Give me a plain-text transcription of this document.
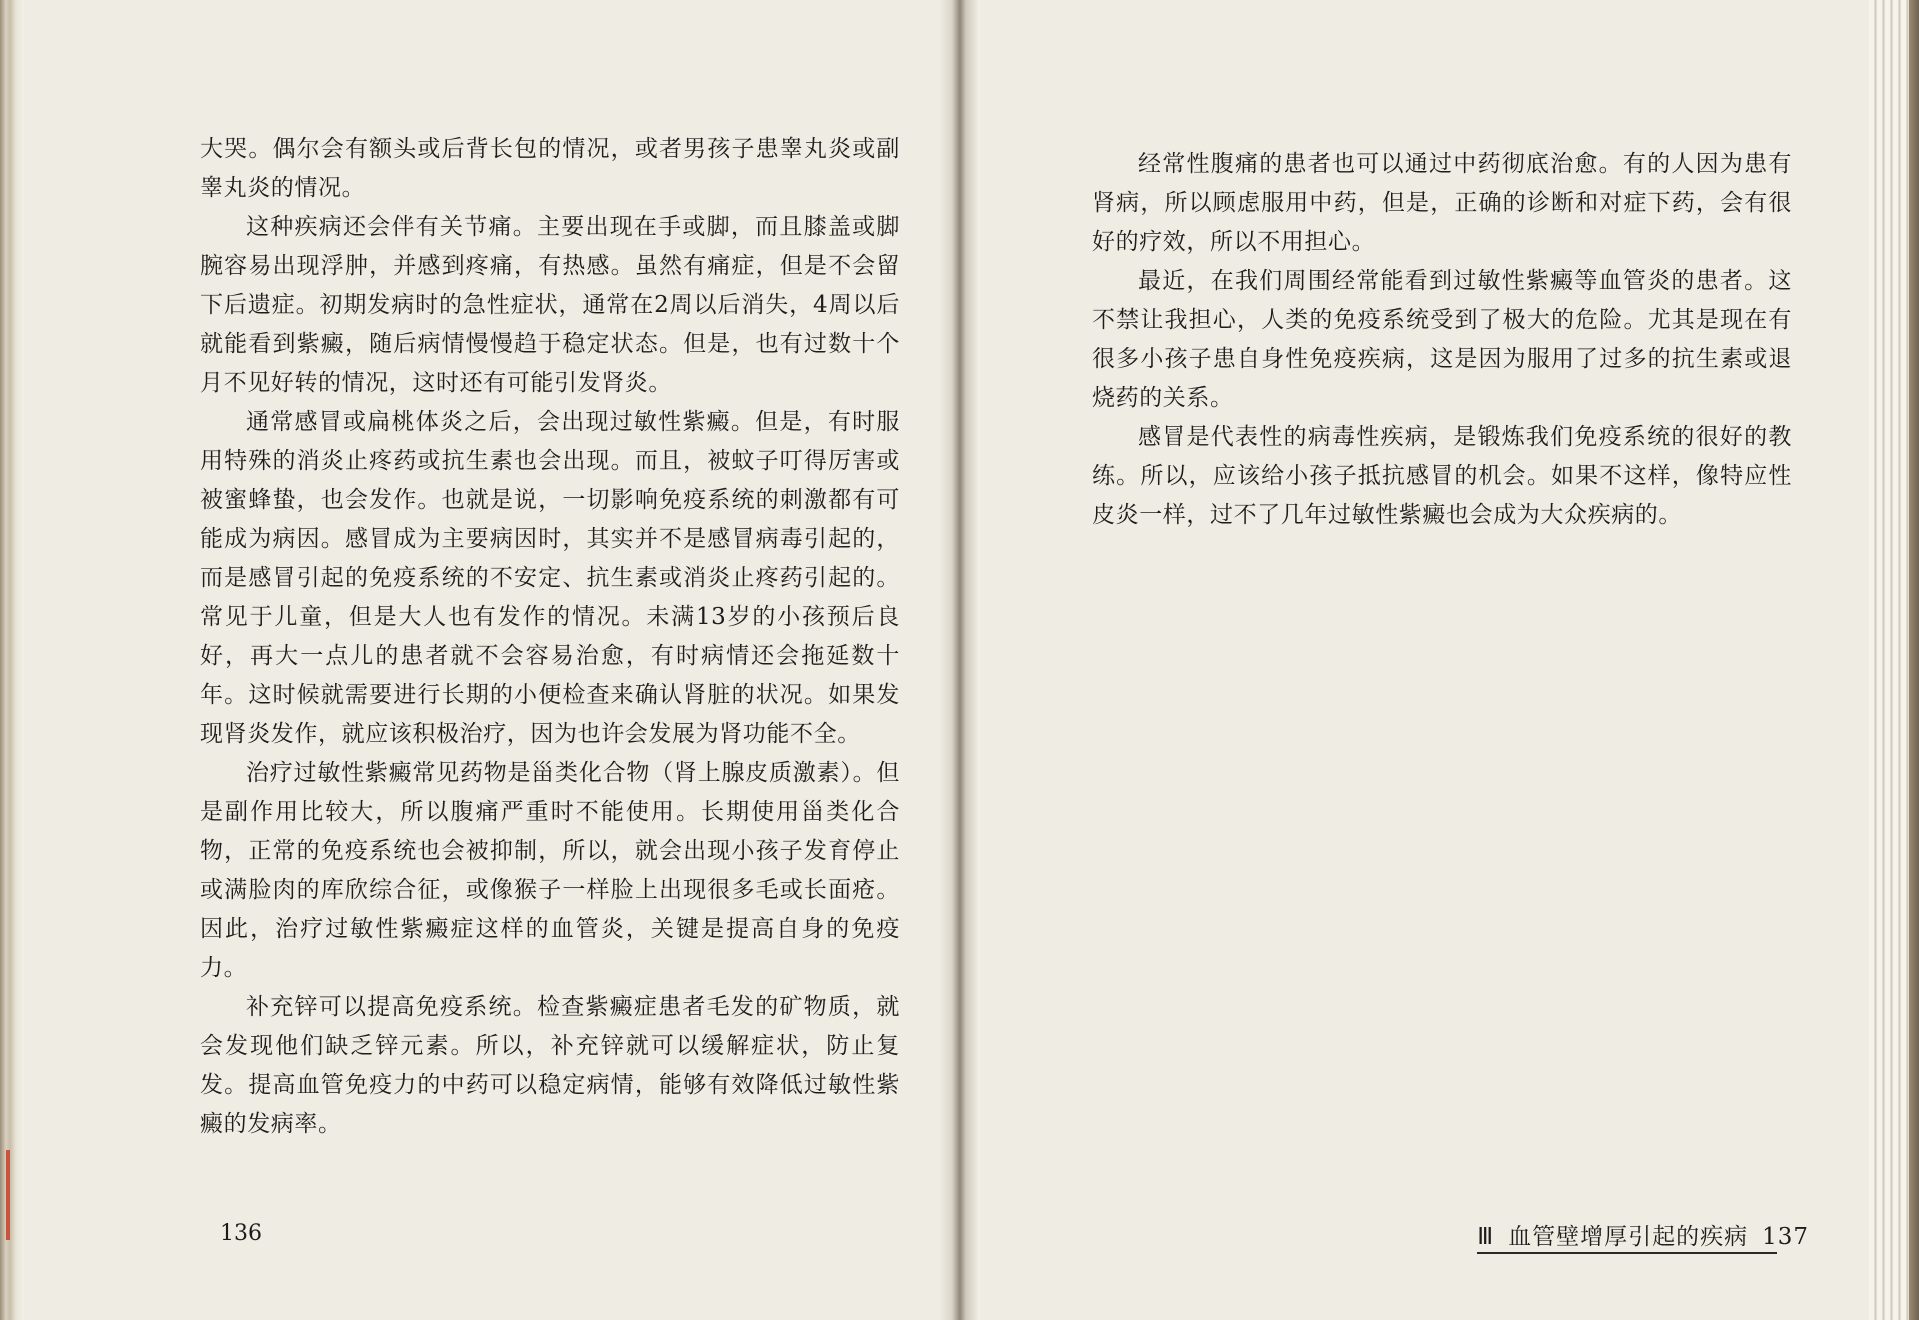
大哭。偶尔会有额头或后背长包的情况，或者男孩子患睾丸炎或副睾丸炎的情况。

这种疾病还会伴有关节痛。主要出现在手或脚，而且膝盖或脚腕容易出现浮肿，并感到疼痛，有热感。虽然有痛症，但是不会留下后遗症。初期发病时的急性症状，通常在2周以后消失，4周以后就能看到紫癜，随后病情慢慢趋于稳定状态。但是，也有过数十个月不见好转的情况，这时还有可能引发肾炎。

通常感冒或扁桃体炎之后，会出现过敏性紫癜。但是，有时服用特殊的消炎止疼药或抗生素也会出现。而且，被蚊子叮得厉害或被蜜蜂蛰，也会发作。也就是说，一切影响免疫系统的刺激都有可能成为病因。感冒成为主要病因时，其实并不是感冒病毒引起的，而是感冒引起的免疫系统的不安定、抗生素或消炎止疼药引起的。常见于儿童，但是大人也有发作的情况。未满13岁的小孩预后良好，再大一点儿的患者就不会容易治愈，有时病情还会拖延数十年。这时候就需要进行长期的小便检查来确认肾脏的状况。如果发现肾炎发作，就应该积极治疗，因为也许会发展为肾功能不全。

治疗过敏性紫癜常见药物是甾类化合物（肾上腺皮质激素）。但是副作用比较大，所以腹痛严重时不能使用。长期使用甾类化合物，正常的免疫系统也会被抑制，所以，就会出现小孩子发育停止或满脸肉的库欣综合征，或像猴子一样脸上出现很多毛或长面疮。因此，治疗过敏性紫癜症这样的血管炎，关键是提高自身的免疫力。

补充锌可以提高免疫系统。检查紫癜症患者毛发的矿物质，就会发现他们缺乏锌元素。所以，补充锌就可以缓解症状，防止复发。提高血管免疫力的中药可以稳定病情，能够有效降低过敏性紫癜的发病率。

136

经常性腹痛的患者也可以通过中药彻底治愈。有的人因为患有肾病，所以顾虑服用中药，但是，正确的诊断和对症下药，会有很好的疗效，所以不用担心。

最近，在我们周围经常能看到过敏性紫癜等血管炎的患者。这不禁让我担心，人类的免疫系统受到了极大的危险。尤其是现在有很多小孩子患自身性免疫疾病，这是因为服用了过多的抗生素或退烧药的关系。

感冒是代表性的病毒性疾病，是锻炼我们免疫系统的很好的教练。所以，应该给小孩子抵抗感冒的机会。如果不这样，像特应性皮炎一样，过不了几年过敏性紫癜也会成为大众疾病的。

Ⅲ 血管壁增厚引起的疾病 137
